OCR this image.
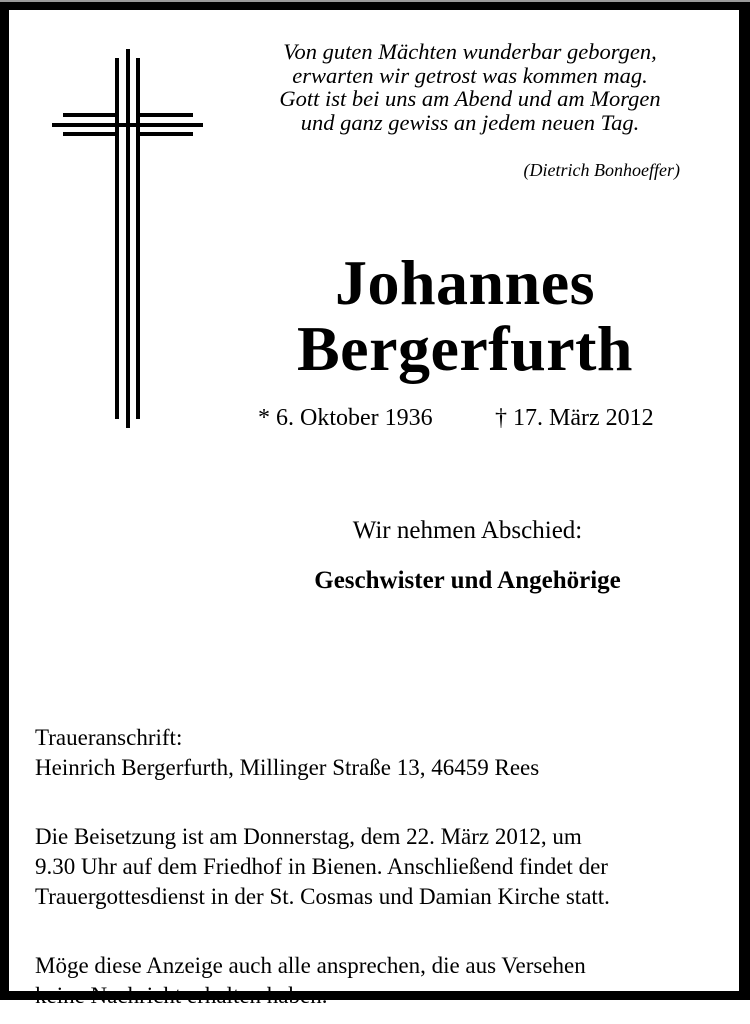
Von guten Mächten wunderbar geborgen,
erwarten wir getrost was kommen mag.
Gott ist bei uns am Abend und am Morgen
und ganz gewiss an jedem neuen Tag.
(Dietrich Bonhoeffer)
Johannes
Bergerfurth
* 6. Oktober 1936	† 17. März 2012
Wir nehmen Abschied:
Geschwister und Angehörige

Traueranschrift:
Heinrich Bergerfurth, Millinger Straße 13, 46459 Rees

Die Beisetzung ist am Donnerstag, dem 22. März 2012, um
9.30 Uhr auf dem Friedhof in Bienen. Anschließend findet der
Trauergottesdienst in der St. Cosmas und Damian Kirche statt.

Möge diese Anzeige auch alle ansprechen, die aus Versehen
keine Nachricht erhalten haben.
